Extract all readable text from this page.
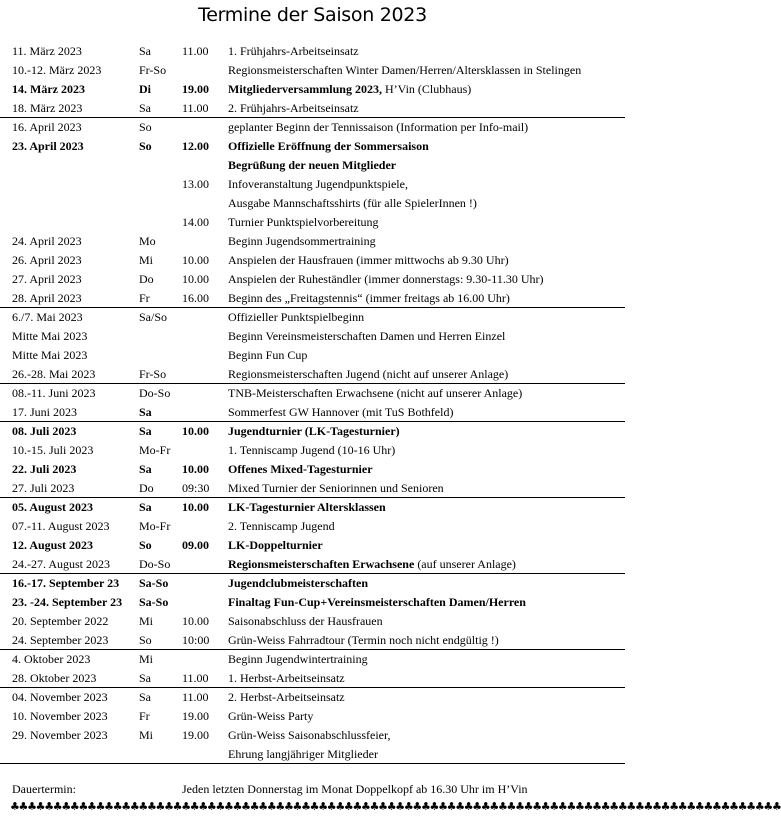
Termine der Saison 2023
11. März 2023	Sa	11.00 1. Frühjahrs-Arbeitseinsatz
10.-12. März 2023	Fr-So	Regionsmeisterschaften Winter Damen/Herren/Altersklassen in Stelingen
14. März 2023	Di	19.00 Mitgliederversammlung 2023, H’Vin (Clubhaus)
18. März 2023	Sa	11.00 2. Frühjahrs-Arbeitseinsatz
16. April 2023	So	geplanter Beginn der Tennissaison (Information per Info-mail)
23. April 2023	So	12.00 Offizielle Eröffnung der Sommersaison
Begrüßung der neuen Mitglieder
13.00 Infoveranstaltung Jugendpunktspiele,
Ausgabe Mannschaftsshirts (für alle SpielerInnen !)
14.00 Turnier Punktspielvorbereitung
24. April 2023	Mo	Beginn Jugendsommertraining
26. April 2023	Mi 10.00 Anspielen der Hausfrauen (immer mittwochs ab 9.30 Uhr)
27. April 2023	Do 10.00 Anspielen der Ruheständler (immer donnerstags: 9.30-11.30 Uhr)
28. April 2023	Fr	16.00 Beginn des „Freitagstennis“ (immer freitags ab 16.00 Uhr)
6./7. Mai 2023	Sa/So	Offizieller Punktspielbeginn
Mitte Mai 2023	Beginn Vereinsmeisterschaften Damen und Herren Einzel
Mitte Mai 2023	Beginn Fun Cup
26.-28. Mai 2023	Fr-So	Regionsmeisterschaften Jugend (nicht auf unserer Anlage)
08.-11. Juni 2023	Do-So	TNB-Meisterschaften Erwachsene (nicht auf unserer Anlage)
17. Juni 2023	Sa	Sommerfest GW Hannover (mit TuS Bothfeld)
08. Juli 2023	Sa	10.00 Jugendturnier (LK-Tagesturnier)
10.-15. Juli 2023	Mo-Fr	1. Tenniscamp Jugend (10-16 Uhr)
22. Juli 2023	Sa	10.00 Offenes Mixed-Tagesturnier
27. Juli 2023	Do 09:30 Mixed Turnier der Seniorinnen und Senioren
05. August 2023	Sa	10.00 LK-Tagesturnier Altersklassen
07.-11. August 2023 Mo-Fr	2. Tenniscamp Jugend
12. August 2023	So	09.00 LK-Doppelturnier
24.-27. August 2023 Do-So	Regionsmeisterschaften Erwachsene (auf unserer Anlage)
16.-17. September 23 Sa-So	Jugendclubmeisterschaften
23. -24. September 23 Sa-So	Finaltag Fun-Cup+Vereinsmeisterschaften Damen/Herren
20. September 2022	Mi 10.00 Saisonabschluss der Hausfrauen
24. September 2023	So	10:00 Grün-Weiss Fahrradtour (Termin noch nicht endgültig !)
4. Oktober 2023	Mi	Beginn Jugendwintertraining
28. Oktober 2023	Sa	11.00 1. Herbst-Arbeitseinsatz
04. November 2023	Sa	11.00 2. Herbst-Arbeitseinsatz
10. November 2023	Fr	19.00 Grün-Weiss Party
29. November 2023	Mi 19.00 Grün-Weiss Saisonabschlussfeier,
Ehrung langjähriger Mitglieder
Dauertermin:	Jeden letzten Donnerstag im Monat Doppelkopf ab 16.30 Uhr im H’Vin
♣♣♣♣♣♣♣♣♣♣♣♣♣♣♣♣♣♣♣♣♣♣♣♣♣♣♣♣♣♣♣♣♣♣♣♣♣♣♣♣♣♣♣♣♣♣♣♣♣♣♣♣♣♣♣♣♣♣♣♣♣♣♣♣♣♣♣♣♣♣♣♣♣♣♣♣♣♣♣♣♣♣♣♣♣♣♣♣♣♣
